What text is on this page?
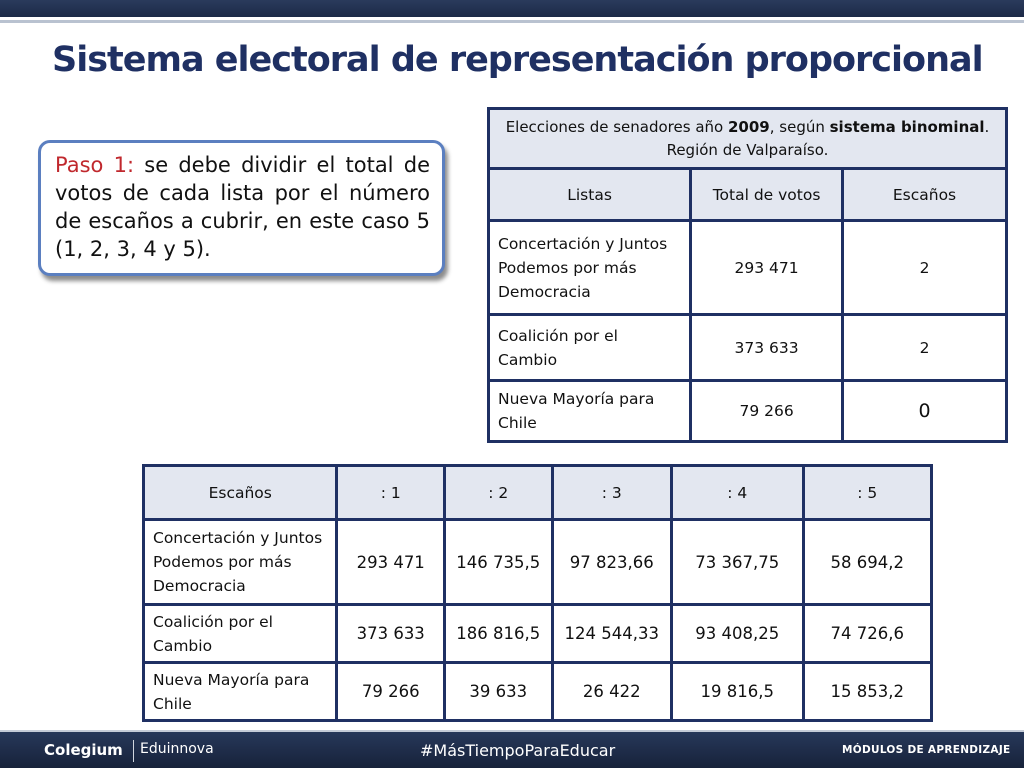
Sistema electoral de representación proporcional

Paso 1: se debe dividir el total de votos de cada lista por el número de escaños a cubrir, en este caso 5 (1, 2, 3, 4 y 5).

Elecciones de senadores año 2009, según sistema binominal. Región de Valparaíso.		
Listas	Total de votos	Escaños
Concertación y Juntos Podemos por más Democracia	293 471	2
Coalición por el Cambio	373 633	2
Nueva Mayoría para Chile	79 266	0
Escaños	: 1	: 2	: 3	: 4	: 5
Concertación y Juntos Podemos por más Democracia	293 471	146 735,5	97 823,66	73 367,75	58 694,2
Coalición por el Cambio	373 633	186 816,5	124 544,33	93 408,25	74 726,6
Nueva Mayoría para Chile	79 266	39 633	26 422	19 816,5	15 853,2
Colegium Eduinnova	#MásTiempoParaEducar	MÓDULOS DE APRENDIZAJE
